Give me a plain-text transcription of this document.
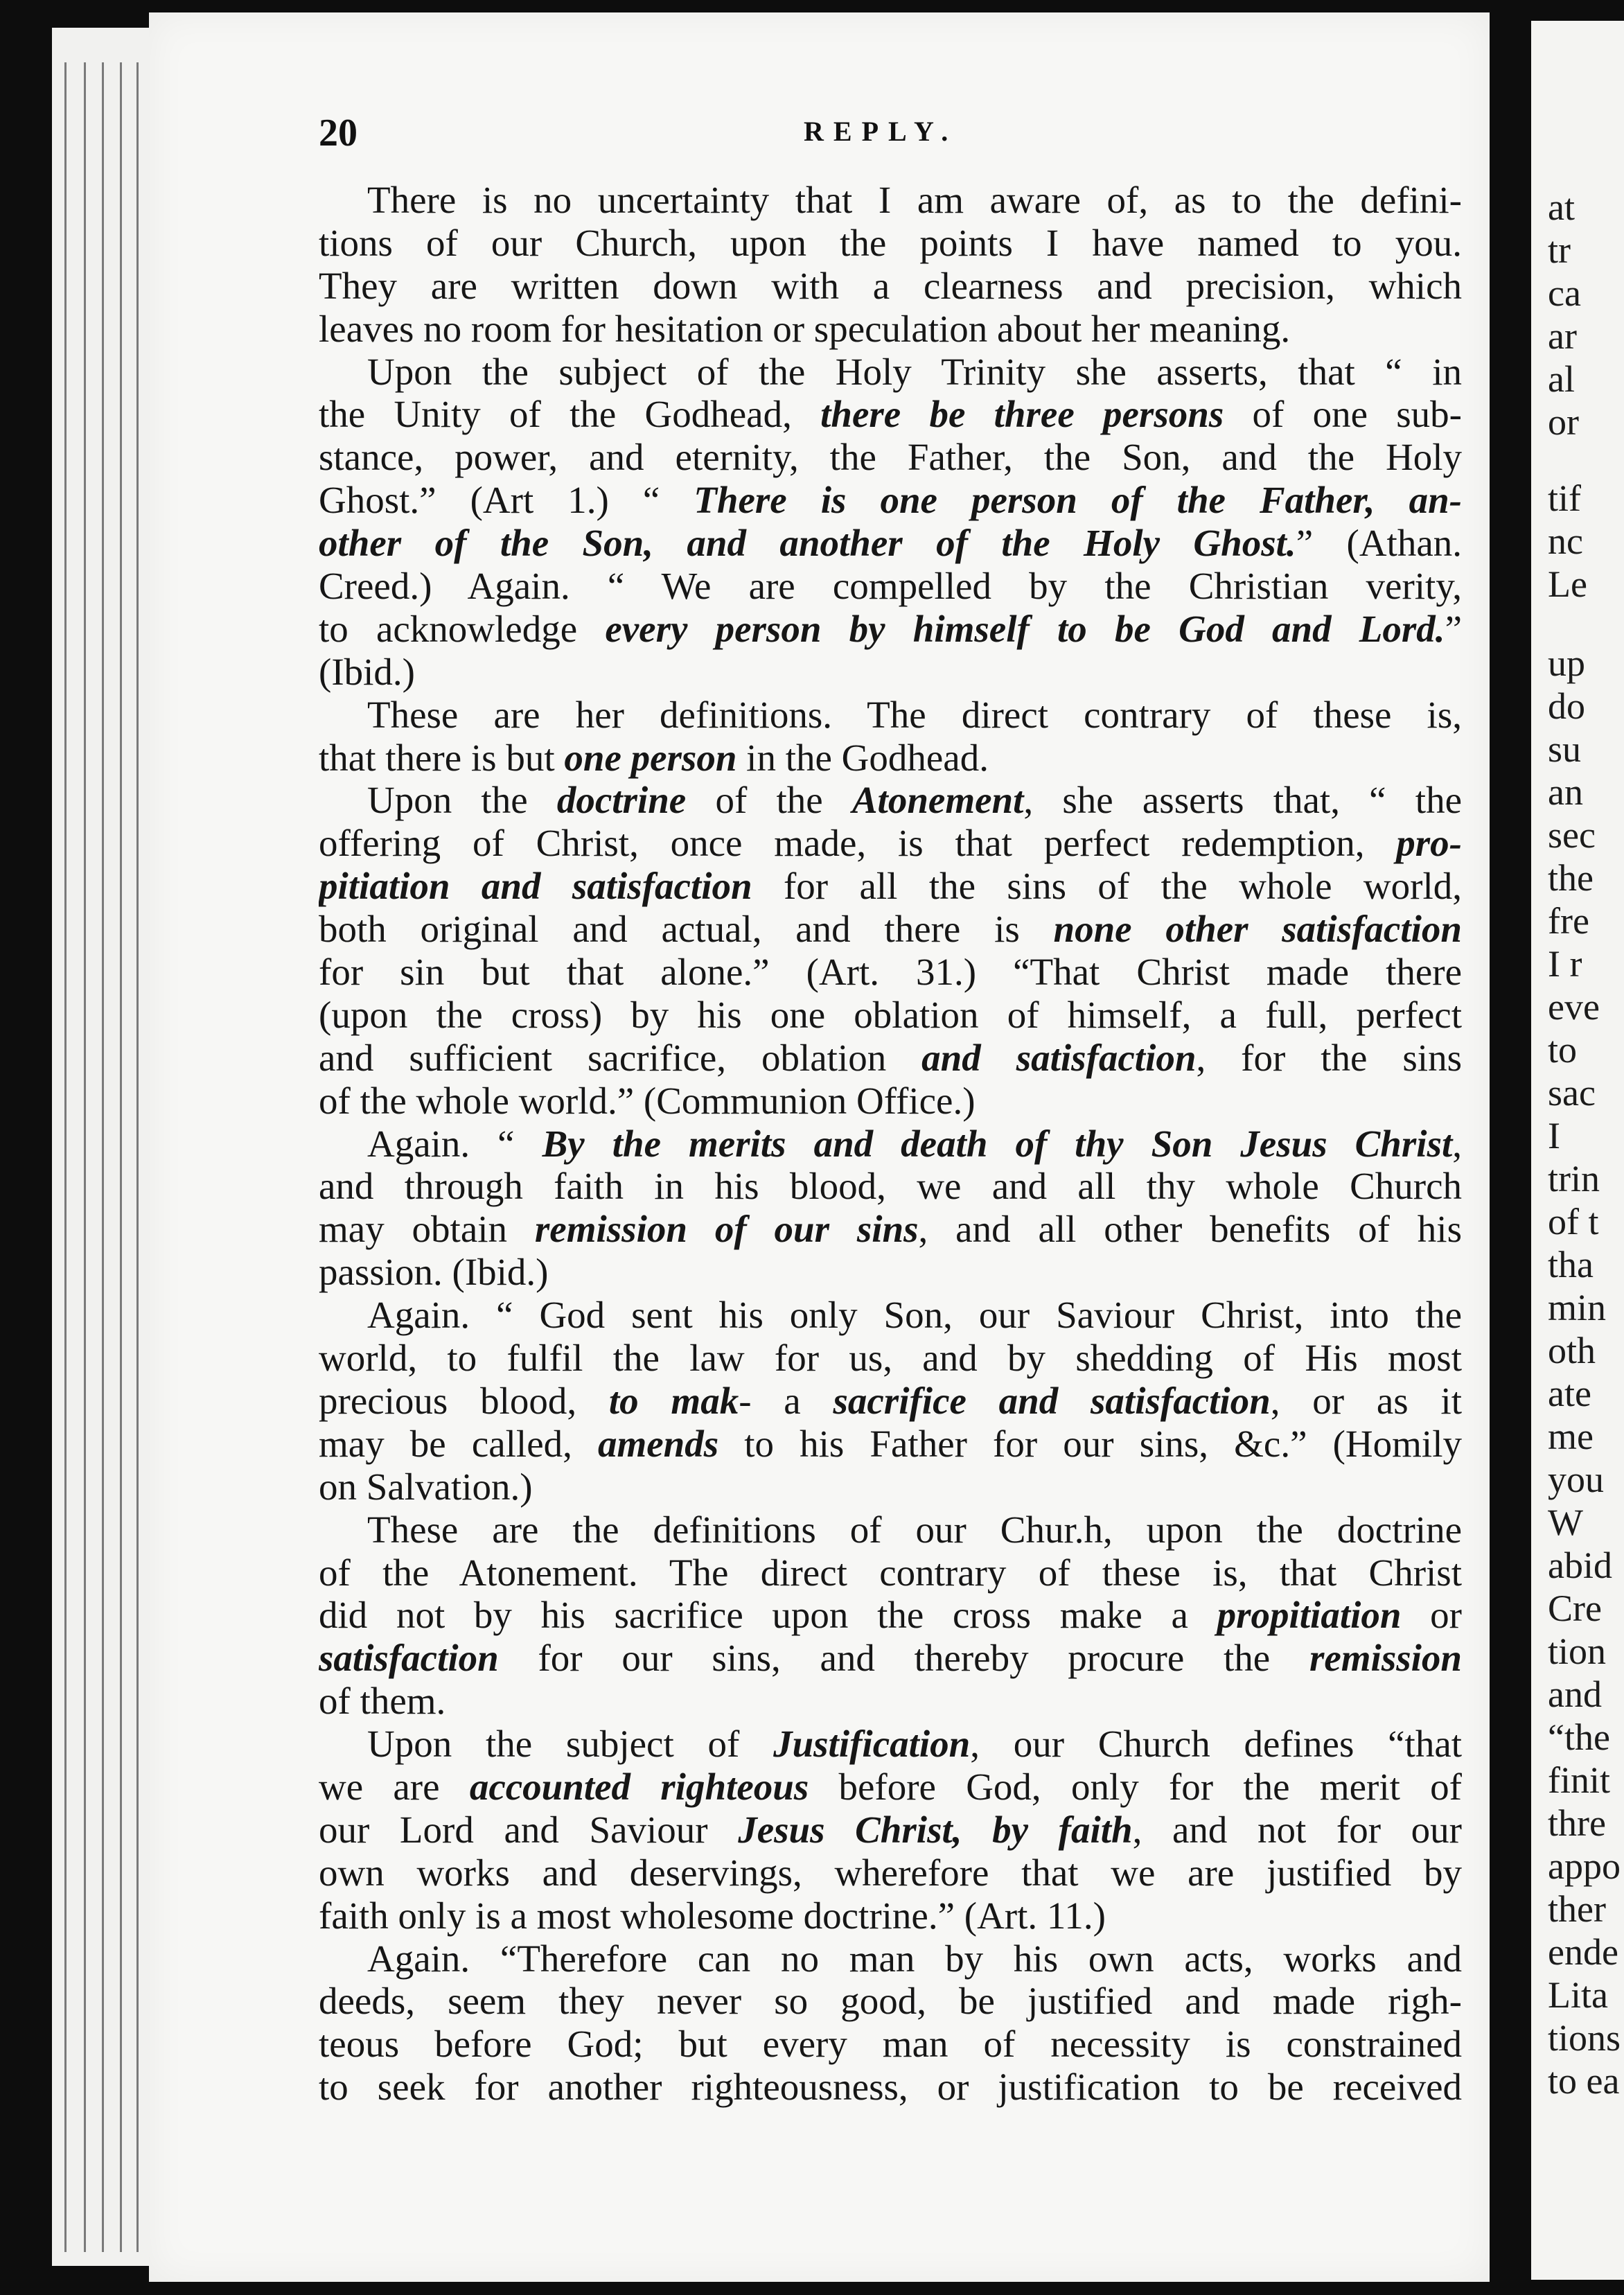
20	REPLY.
There is no uncertainty that I am aware of, as to the defini-
tions of our Church, upon the points I have named to you.
They are written down with a clearness and precision, which
leaves no room for hesitation or speculation about her meaning.
Upon the subject of the Holy Trinity she asserts, that “ in
the Unity of the Godhead, there be three persons of one sub-
stance, power, and eternity, the Father, the Son, and the Holy
Ghost.” (Art 1.) “ There is one person of the Father, an-
other of the Son, and another of the Holy Ghost.” (Athan.
Creed.) Again. “ We are compelled by the Christian verity,
to acknowledge every person by himself to be God and Lord.”
(Ibid.)
These are her definitions. The direct contrary of these is,
that there is but one person in the Godhead.
Upon the doctrine of the Atonement, she asserts that, “ the
offering of Christ, once made, is that perfect redemption, pro-
pitiation and satisfaction for all the sins of the whole world,
both original and actual, and there is none other satisfaction
for sin but that alone.” (Art. 31.) “That Christ made there
(upon the cross) by his one oblation of himself, a full, perfect
and sufficient sacrifice, oblation and satisfaction, for the sins
of the whole world.” (Communion Office.)
Again. “ By the merits and death of thy Son Jesus Christ,
and through faith in his blood, we and all thy whole Church
may obtain remission of our sins, and all other benefits of his
passion. (Ibid.)
Again. “ God sent his only Son, our Saviour Christ, into the
world, to fulfil the law for us, and by shedding of His most
precious blood, to mak- a sacrifice and satisfaction, or as it
may be called, amends to his Father for our sins, &c.” (Homily
on Salvation.)
These are the definitions of our Chur.h, upon the doctrine
of the Atonement. The direct contrary of these is, that Christ
did not by his sacrifice upon the cross make a propitiation or
satisfaction for our sins, and thereby procure the remission
of them.
Upon the subject of Justification, our Church defines “that
we are accounted righteous before God, only for the merit of
our Lord and Saviour Jesus Christ, by faith, and not for our
own works and deservings, wherefore that we are justified by
faith only is a most wholesome doctrine.” (Art. 11.)
Again. “Therefore can no man by his own acts, works and
deeds, seem they never so good, be justified and made righ-
teous before God; but every man of necessity is constrained
to seek for another righteousness, or justification to be received

at

tr

ca

ar

al

or

tif

nc

Le

up

do

su

an

sec

the

fre

I r

eve

to

sac

I

trin

of t

tha

min

oth

ate

me

you

W

abid

Cre

tion

and

“the

finit

thre

appo

ther

ende

Lita

tions

to ea
